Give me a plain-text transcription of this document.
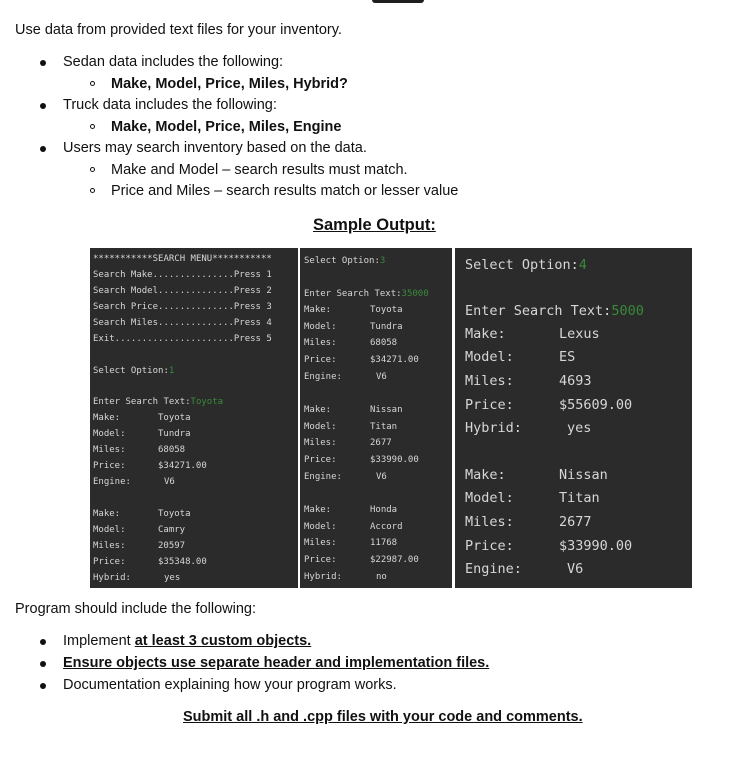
Use data from provided text files for your inventory.
Sedan data includes the following:
Make, Model, Price, Miles, Hybrid?
Truck data includes the following:
Make, Model, Price, Miles, Engine
Users may search inventory based on the data.
Make and Model – search results must match.
Price and Miles – search results match or lesser value
Sample Output:
***********SEARCH MENU***********
Search Make...............Press 1
Search Model..............Press 2
Search Price..............Press 3
Search Miles..............Press 4
Exit......................Press 5
Select Option:1
Enter Search Text:Toyota
Make:	Toyota
Model:	Tundra
Miles:	68058
Price:	$34271.00
Engine:	V6
Make:	Toyota
Model:	Camry
Miles:	20597
Price:	$35348.00
Hybrid:	yes
Select Option:3
Enter Search Text:35000
Make:	Toyota
Model:	Tundra
Miles:	68058
Price:	$34271.00
Engine:	V6
Make:	Nissan
Model:	Titan
Miles:	2677
Price:	$33990.00
Engine:	V6
Make:	Honda
Model:	Accord
Miles:	11768
Price:	$22987.00
Hybrid:	no
Select Option:4
Enter Search Text:5000
Make:	Lexus
Model:	ES
Miles:	4693
Price:	$55609.00
Hybrid:	yes
Make:	Nissan
Model:	Titan
Miles:	2677
Price:	$33990.00
Engine:	V6
Program should include the following:
Implement at least 3 custom objects.
Ensure objects use separate header and implementation files.
Documentation explaining how your program works.
Submit all .h and .cpp files with your code and comments.
